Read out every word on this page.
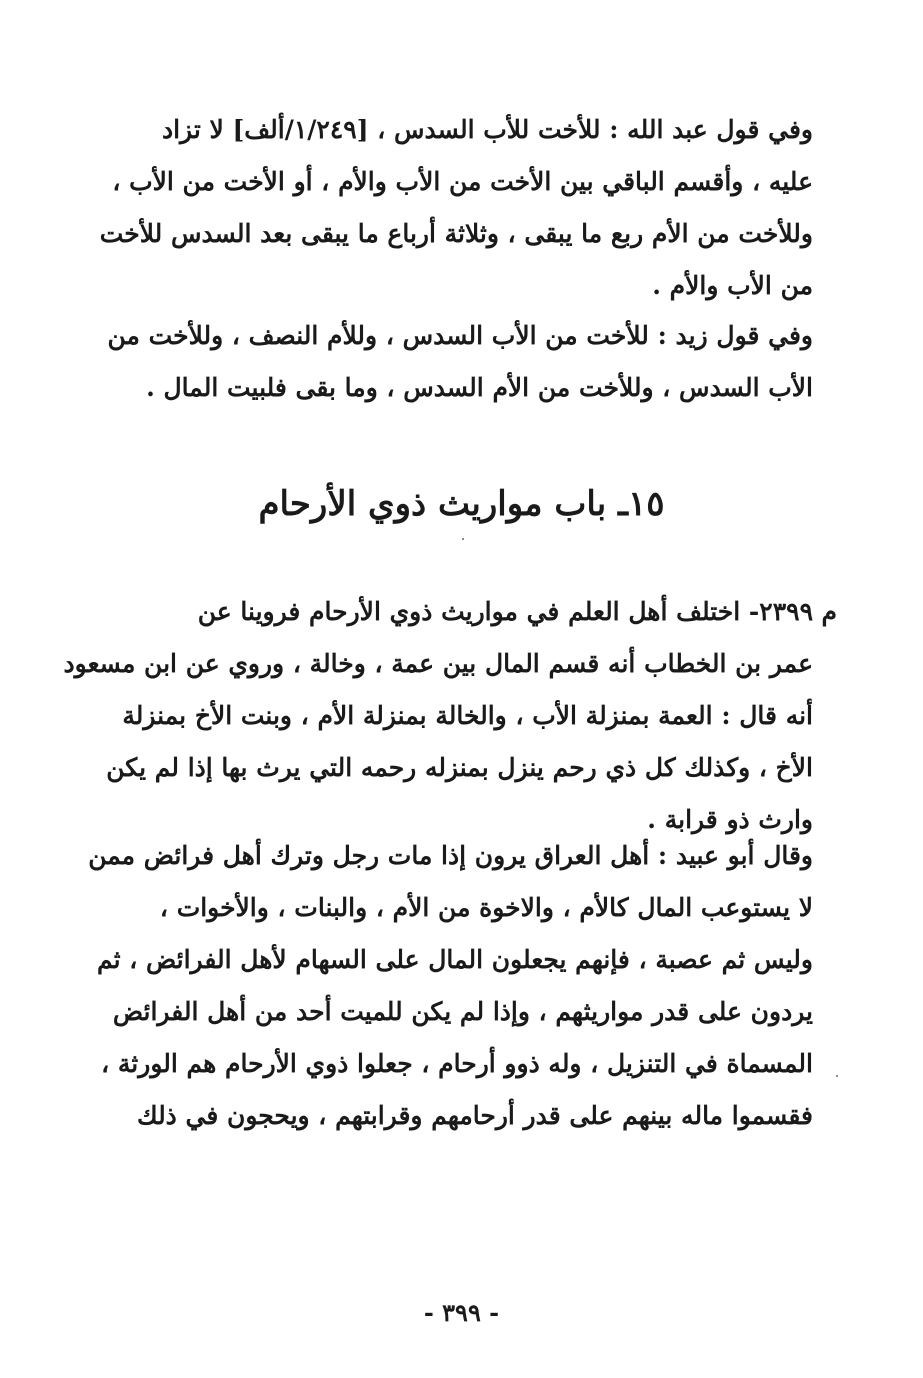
وفي قول عبد الله : للأخت للأب السدس ، [١/٢٤٩/ألف] لا تزاد
عليه ، وأقسم الباقي بين الأخت من الأب والأم ، أو الأخت من الأب ،
وللأخت من الأم ربع ما يبقى ، وثلاثة أرباع ما يبقى بعد السدس للأخت
من الأب والأم .
وفي قول زيد : للأخت من الأب السدس ، وللأم النصف ، وللأخت من
الأب السدس ، وللأخت من الأم السدس ، وما بقى فلبيت المال .
١٥ـ باب مواريث ذوي الأرحام
م
٢٣٩٩- اختلف أهل العلم في مواريث ذوي الأرحام فروينا عن
عمر بن الخطاب أنه قسم المال بين عمة ، وخالة ، وروي عن ابن مسعود
أنه قال : العمة بمنزلة الأب ، والخالة بمنزلة الأم ، وبنت الأخ بمنزلة
الأخ ، وكذلك كل ذي رحم ينزل بمنزله رحمه التي يرث بها إذا لم يكن
وارث ذو قرابة .
وقال أبو عبيد : أهل العراق يرون إذا مات رجل وترك أهل فرائض ممن
لا يستوعب المال كالأم ، والاخوة من الأم ، والبنات ، والأخوات ،
وليس ثم عصبة ، فإنهم يجعلون المال على السهام لأهل الفرائض ، ثم
يردون على قدر مواريثهم ، وإذا لم يكن للميت أحد من أهل الفرائض
المسماة في التنزيل ، وله ذوو أرحام ، جعلوا ذوي الأرحام هم الورثة ،
فقسموا ماله بينهم على قدر أرحامهم وقرابتهم ، ويحجون في ذلك
- ٣٩٩ -
